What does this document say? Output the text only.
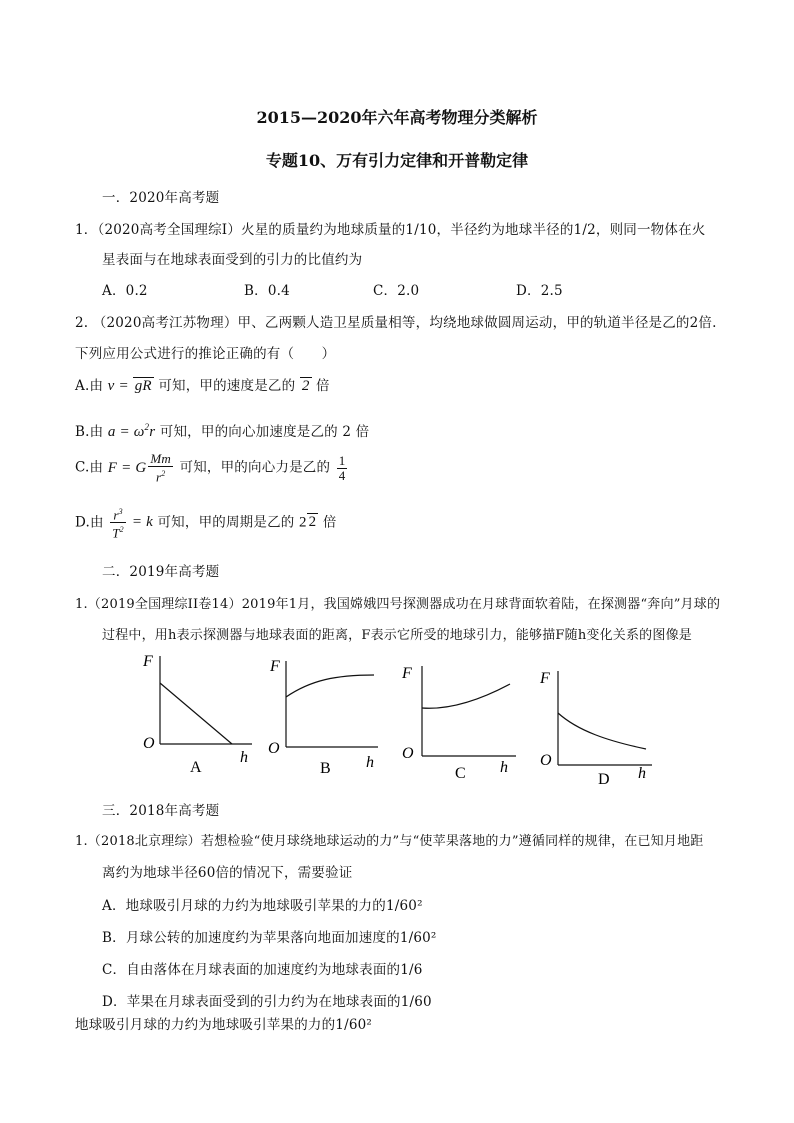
2015—2020年六年高考物理分类解析
专题10、万有引力定律和开普勒定律
一．2020年高考题
1．（2020高考全国理综Ⅰ）火星的质量约为地球质量的1/10，半径约为地球半径的1/2，则同一物体在火
星表面与在地球表面受到的引力的比值约为
A．0.2	B．0.4	C．2.0	D．2.5
2. （2020高考江苏物理）甲、乙两颗人造卫星质量相等，均绕地球做圆周运动，甲的轨道半径是乙的2倍.
下列应用公式进行的推论正确的有（　　）
A.由 v = gR 可知，甲的速度是乙的 2 倍
B.由 $a = \omega^2r$ 可知，甲的向心加速度是乙的 2 倍
C.由 F = G $\frac{Mm}{r^2}$ 可知，甲的向心力是乙的 $\frac{1}{4}$
D.由 $\frac{r^3}{T^2} = k$ 可知，甲的周期是乙的 2 2 倍
二．2019年高考题
1.（2019全国理综II卷14）2019年1月，我国嫦娥四号探测器成功在月球背面软着陆，在探测器“奔向”月球的
过程中，用h表示探测器与地球表面的距离，F表示它所受的地球引力，能够描F随h变化关系的图像是
F
O
h
A
F
O
h
B
F
O
h
C
F
O
h
D
三．2018年高考题
1.（2018北京理综）若想检验“使月球绕地球运动的力”与“使苹果落地的力”遵循同样的规律，在已知月地距
离约为地球半径60倍的情况下，需要验证
A．地球吸引月球的力约为地球吸引苹果的力的1/60²
B．月球公转的加速度约为苹果落向地面加速度的1/60²
C．自由落体在月球表面的加速度约为地球表面的1/6
D．苹果在月球表面受到的引力约为在地球表面的1/60
地球吸引月球的力约为地球吸引苹果的力的1/60²
